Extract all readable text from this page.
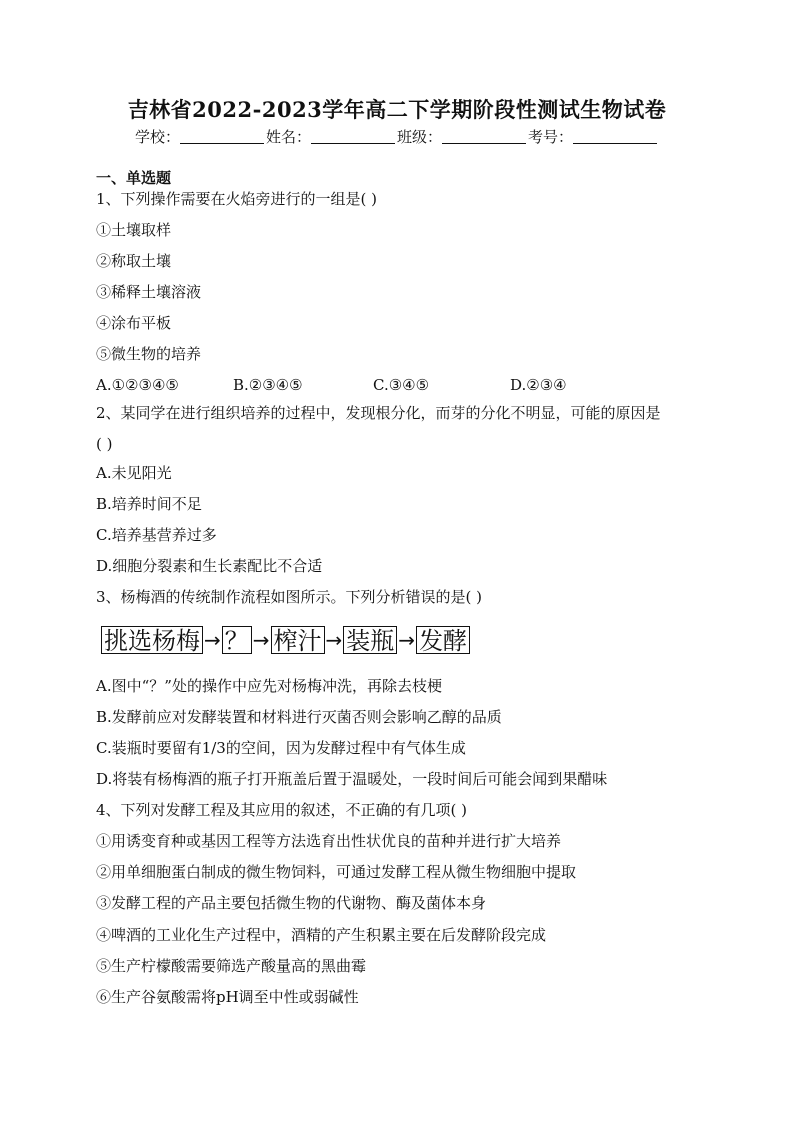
吉林省2022-2023学年高二下学期阶段性测试生物试卷
学校：	姓名：	班级：	考号：
一、单选题
1、下列操作需要在火焰旁进行的一组是( )
①土壤取样
②称取土壤
③稀释土壤溶液
④涂布平板
⑤微生物的培养
A.①②③④⑤	B.②③④⑤	C.③④⑤	D.②③④
2、某同学在进行组织培养的过程中，发现根分化，而芽的分化不明显，可能的原因是
( )
A.未见阳光
B.培养时间不足
C.培养基营养过多
D.细胞分裂素和生长素配比不合适
3、杨梅酒的传统制作流程如图所示。下列分析错误的是( )
挑选杨梅 → ？ → 榨汁 → 装瓶 → 发酵
A.图中“？”处的操作中应先对杨梅冲洗，再除去枝梗
B.发酵前应对发酵装置和材料进行灭菌否则会影响乙醇的品质
C.装瓶时要留有1/3的空间，因为发酵过程中有气体生成
D.将装有杨梅酒的瓶子打开瓶盖后置于温暖处，一段时间后可能会闻到果醋味
4、下列对发酵工程及其应用的叙述，不正确的有几项( )
①用诱变育种或基因工程等方法选育出性状优良的苗种并进行扩大培养
②用单细胞蛋白制成的微生物饲料，可通过发酵工程从微生物细胞中提取
③发酵工程的产品主要包括微生物的代谢物、酶及菌体本身
④啤酒的工业化生产过程中，酒精的产生积累主要在后发酵阶段完成
⑤生产柠檬酸需要筛选产酸量高的黑曲霉
⑥生产谷氨酸需将pH调至中性或弱碱性
